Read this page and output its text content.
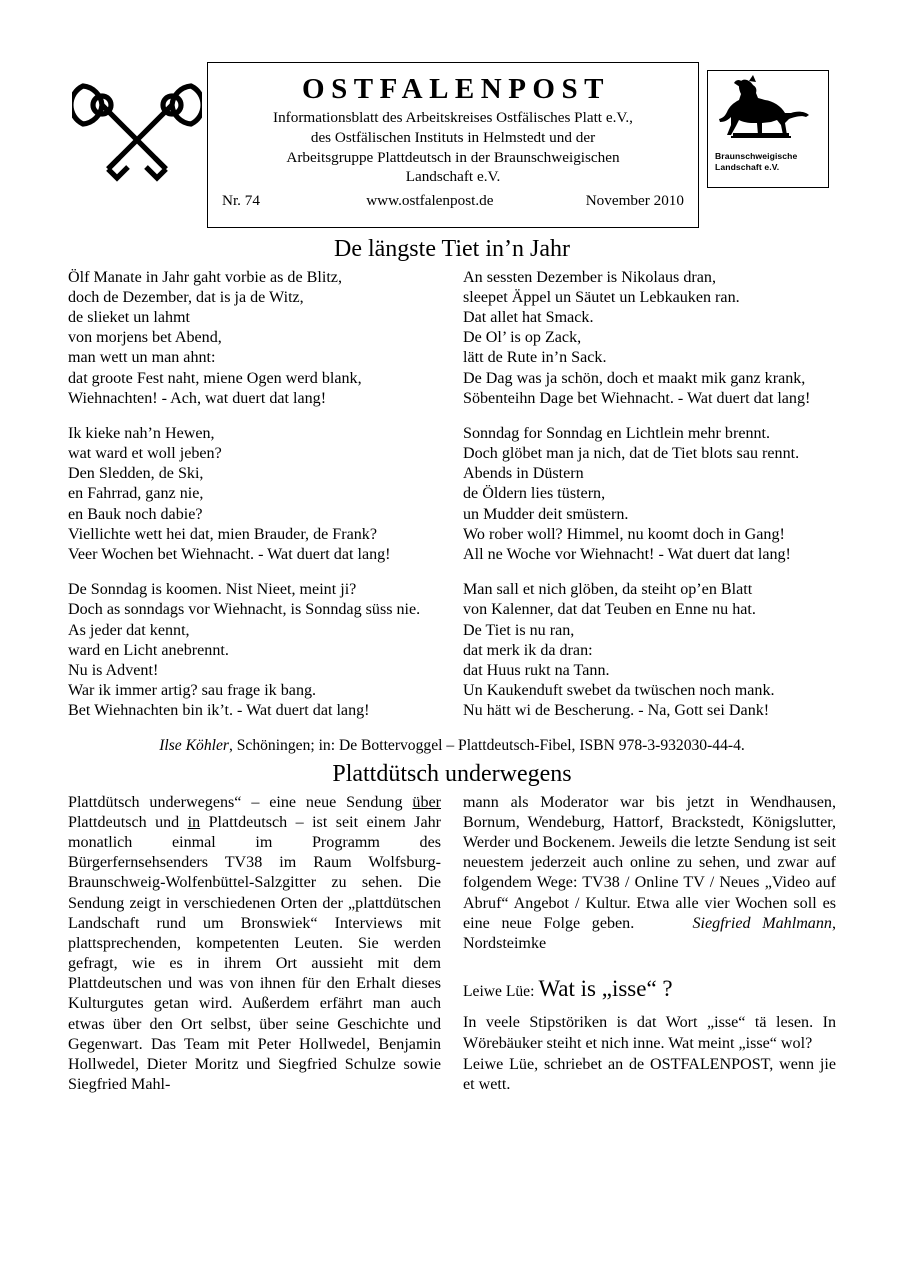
OSTFALENPOST
Informationsblatt des Arbeitskreises Ostfälisches Platt e.V.,
des Ostfälischen Instituts in Helmstedt und der
Arbeitsgruppe Plattdeutsch in der Braunschweigischen
Landschaft e.V.
Nr. 74	www.ostfalenpost.de	November 2010
Braunschweigische
Landschaft e.V.
De längste Tiet in’n Jahr

Ölf Manate in Jahr gaht vorbie as de Blitz,

doch de Dezember, dat is ja de Witz,

de slieket un lahmt

von morjens bet Abend,

man wett un man ahnt:

dat groote Fest naht, miene Ogen werd blank,

Wiehnachten! - Ach, wat duert dat lang!

Ik kieke nah’n Hewen,

wat ward et woll jeben?

Den Sledden, de Ski,

en Fahrrad, ganz nie,

en Bauk noch dabie?

Viellichte wett hei dat, mien Brauder, de Frank?

Veer Wochen bet Wiehnacht. - Wat duert dat lang!

De Sonndag is koomen. Nist Nieet, meint ji?

Doch as sonndags vor Wiehnacht, is Sonndag süss nie.

As jeder dat kennt,

ward en Licht anebrennt.

Nu is Advent!

War ik immer artig? sau frage ik bang.

Bet Wiehnachten bin ik’t. - Wat duert dat lang!

An sessten Dezember is Nikolaus dran,

sleepet Äppel un Säutet un Lebkauken ran.

Dat allet hat Smack.

De Ol’ is op Zack,

lätt de Rute in’n Sack.

De Dag was ja schön, doch et maakt mik ganz krank,

Söbenteihn Dage bet Wiehnacht. - Wat duert dat lang!

Sonndag for Sonndag en Lichtlein mehr brennt.

Doch glöbet man ja nich, dat de Tiet blots sau rennt.

Abends in Düstern

de Öldern lies tüstern,

un Mudder deit smüstern.

Wo rober woll? Himmel, nu koomt doch in Gang!

All ne Woche vor Wiehnacht! - Wat duert dat lang!

Man sall et nich glöben, da steiht op’en Blatt

von Kalenner, dat dat Teuben en Enne nu hat.

De Tiet is nu ran,

dat merk ik da dran:

dat Huus rukt na Tann.

Un Kaukenduft swebet da twüschen noch mank.

Nu hätt wi de Bescherung. - Na, Gott sei Dank!

Ilse Köhler, Schöningen; in: De Bottervoggel – Plattdeutsch-Fibel, ISBN 978-3-932030-44-4.

Plattdütsch underwegens

Plattdütsch underwegens“ – eine neue Sendung über Plattdeutsch und in Plattdeutsch – ist seit einem Jahr monatlich einmal im Programm des Bürgerfernsehsenders TV38 im Raum Wolfsburg-Braunschweig-Wolfenbüttel-Salzgitter zu sehen. Die Sendung zeigt in verschiedenen Orten der „plattdütschen Landschaft rund um Bronswiek“ Interviews mit plattsprechenden, kompetenten Leuten. Sie werden gefragt, wie es in ihrem Ort aussieht mit dem Plattdeutschen und was von ihnen für den Erhalt dieses Kulturgutes getan wird. Außerdem erfährt man auch etwas über den Ort selbst, über seine Geschichte und Gegenwart. Das Team mit Peter Hollwedel, Benjamin Hollwedel, Dieter Moritz und Siegfried Schulze sowie Siegfried Mahl-

mann als Moderator war bis jetzt in Wendhausen, Bornum, Wendeburg, Hattorf, Brackstedt, Königslutter, Werder und Bockenem. Jeweils die letzte Sendung ist seit neuestem jederzeit auch online zu sehen, und zwar auf folgendem Wege: TV38 / Online TV / Neues „Video auf Abruf“ Angebot / Kultur. Etwa alle vier Wochen soll es eine neue Folge geben.	Siegfried Mahlmann, Nordsteimke

Leiwe Lüe: Wat is „isse“ ?

In veele Stipstöriken is dat Wort „isse“ tä lesen. In Wörebäuker steiht et nich inne. Wat meint „isse“ wol?

Leiwe Lüe, schriebet an de OSTFALENPOST, wenn jie et wett.
